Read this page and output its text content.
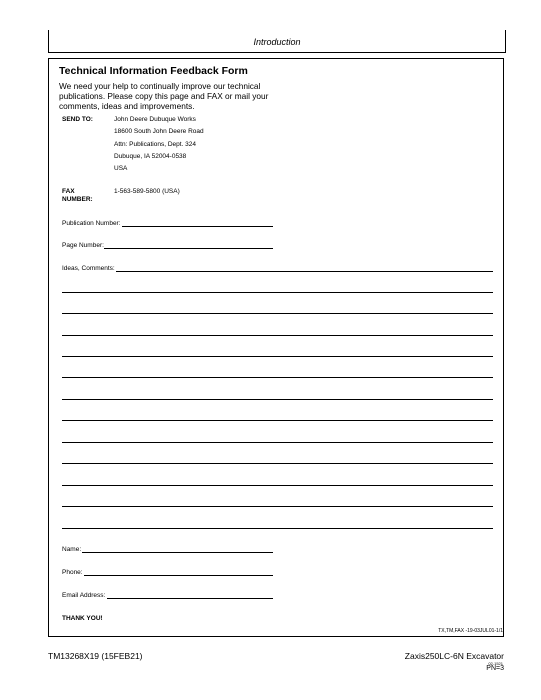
Introduction
Technical Information Feedback Form
We need your help to continually improve our technical publications. Please copy this page and FAX or mail your comments, ideas and improvements.
SEND TO:	John Deere Dubuque Works
18600 South John Deere Road
Attn: Publications, Dept. 324
Dubuque, IA 52004-0538
USA
FAX
NUMBER:
1-563-589-5800 (USA)
Publication Number:
Page Number:
Ideas, Comments:
Name:
Phone:
Email Address:
THANK YOU!
TX,TM,FAX -19-03JUL01-1/1
TM13268X19 (15FEB21)	Zaxis250LC-6N Excavator
02-1521
PN=3
